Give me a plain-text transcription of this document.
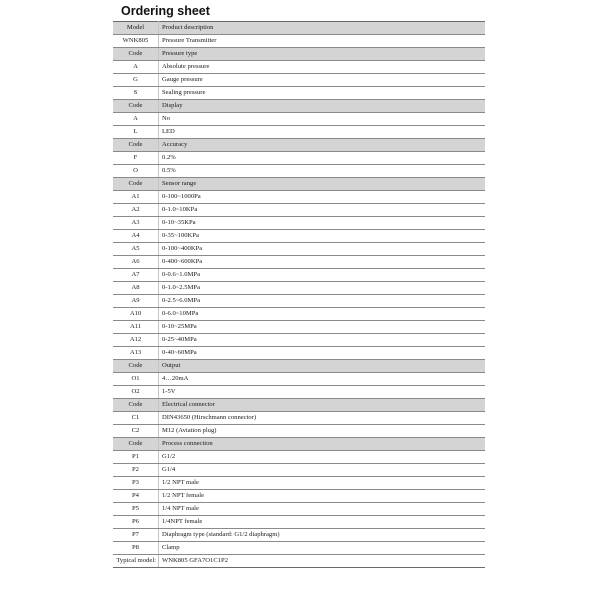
Ordering sheet
Model	Product description
WNK805	Pressure Transmitter
Code	Pressure type
A	Absolute pressure
G	Gauge pressure
S	Sealing pressure
Code	Display
A	No
L	LED
Code	Accuracy
F	0.2%
O	0.5%
Code	Sensor range
A1	0-100~1000Pa
A2	0-1.0~10KPa
A3	0-10~35KPa
A4	0-35~100KPa
A5	0-100~400KPa
A6	0-400~600KPa
A7	0-0.6~1.0MPa
A8	0-1.0~2.5MPa
A9	0-2.5~6.0MPa
A10	0-6.0~10MPa
A11	0-10~25MPa
A12	0-25~40MPa
A13	0-40~60MPa
Code	Output
O1	4…20mA
O2	1-5V
Code	Electrical connector
C1	DIN43650 (Hirschmann connector)
C2	M12 (Aviation plug)
Code	Process connection
P1	G1/2
P2	G1/4
P3	1/2 NPT male
P4	1/2 NPT female
P5	1/4 NPT male
P6	1/4NPT female
P7	Diaphragm type (standard: G1/2 diaphragm)
P8	Clamp
Typical model:	WNK805 GFA7O1C1P2
